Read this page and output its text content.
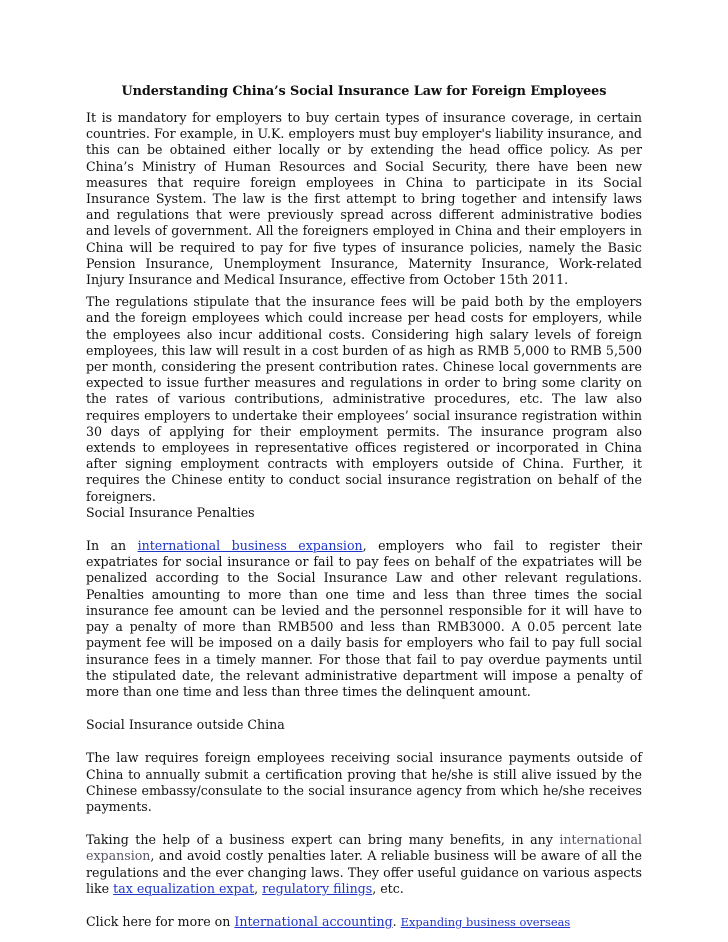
Understanding China’s Social Insurance Law for Foreign Employees

It is mandatory for employers to buy certain types of insurance coverage, in certain countries. For example, in U.K. employers must buy employer's liability insurance, and this can be obtained either locally or by extending the head office policy. As per China’s Ministry of Human Resources and Social Security, there have been new measures that require foreign employees in China to participate in its Social Insurance System. The law is the first attempt to bring together and intensify laws and regulations that were previously spread across different administrative bodies and levels of government. All the foreigners employed in China and their employers in China will be required to pay for five types of insurance policies, namely the Basic Pension Insurance, Unemployment Insurance, Maternity Insurance, Work-related Injury Insurance and Medical Insurance, effective from October 15th 2011.

The regulations stipulate that the insurance fees will be paid both by the employers and the foreign employees which could increase per head costs for employers, while the employees also incur additional costs. Considering high salary levels of foreign employees, this law will result in a cost burden of as high as RMB 5,000 to RMB 5,500 per month, considering the present contribution rates. Chinese local governments are expected to issue further measures and regulations in order to bring some clarity on the rates of various contributions, administrative procedures, etc. The law also requires employers to undertake their employees’ social insurance registration within 30 days of applying for their employment permits. The insurance program also extends to employees in representative offices registered or incorporated in China after signing employment contracts with employers outside of China. Further, it requires the Chinese entity to conduct social insurance registration on behalf of the foreigners.

Social Insurance Penalties

In an international business expansion, employers who fail to register their expatriates for social insurance or fail to pay fees on behalf of the expatriates will be penalized according to the Social Insurance Law and other relevant regulations. Penalties amounting to more than one time and less than three times the social insurance fee amount can be levied and the personnel responsible for it will have to pay a penalty of more than RMB500 and less than RMB3000. A 0.05 percent late payment fee will be imposed on a daily basis for employers who fail to pay full social insurance fees in a timely manner. For those that fail to pay overdue payments until the stipulated date, the relevant administrative department will impose a penalty of more than one time and less than three times the delinquent amount.

Social Insurance outside China

The law requires foreign employees receiving social insurance payments outside of China to annually submit a certification proving that he/she is still alive issued by the Chinese embassy/consulate to the social insurance agency from which he/she receives payments.

Taking the help of a business expert can bring many benefits, in any international expansion, and avoid costly penalties later. A reliable business will be aware of all the regulations and the ever changing laws. They offer useful guidance on various aspects like tax equalization expat, regulatory filings, etc.

Click here for more on International accounting. Expanding business overseas
